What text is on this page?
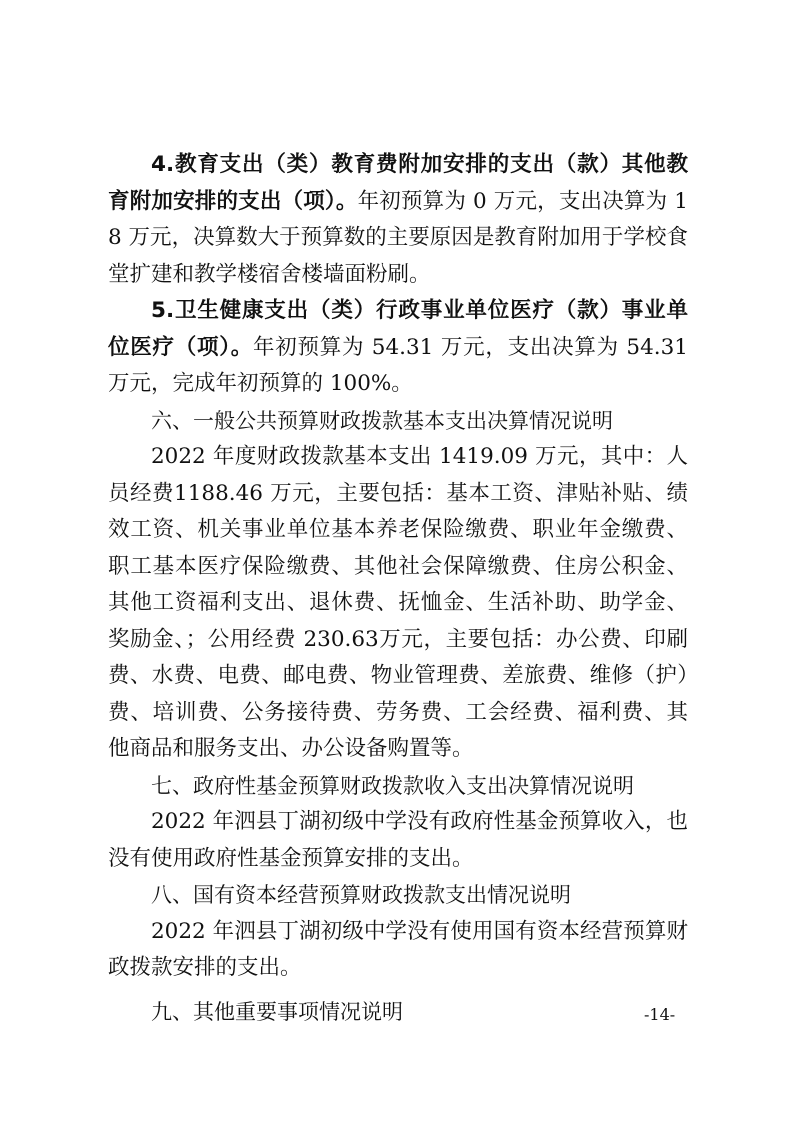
4.教育支出（类）教育费附加安排的支出（款）其他教育附加安排的支出（项）。年初预算为 0 万元，支出决算为 18 万元，决算数大于预算数的主要原因是教育附加用于学校食堂扩建和教学楼宿舍楼墙面粉刷。

5.卫生健康支出（类）行政事业单位医疗（款）事业单位医疗（项）。年初预算为 54.31 万元，支出决算为 54.31 万元，完成年初预算的 100%。

六、一般公共预算财政拨款基本支出决算情况说明

2022 年度财政拨款基本支出 1419.09 万元，其中：人员经费1188.46 万元，主要包括：基本工资、津贴补贴、绩效工资、机关事业单位基本养老保险缴费、职业年金缴费、职工基本医疗保险缴费、其他社会保障缴费、住房公积金、其他工资福利支出、退休费、抚恤金、生活补助、助学金、奖励金、；公用经费 230.63万元，主要包括：办公费、印刷费、水费、电费、邮电费、物业管理费、差旅费、维修（护）费、培训费、公务接待费、劳务费、工会经费、福利费、其他商品和服务支出、办公设备购置等。

七、政府性基金预算财政拨款收入支出决算情况说明

2022 年泗县丁湖初级中学没有政府性基金预算收入，也没有使用政府性基金预算安排的支出。

八、国有资本经营预算财政拨款支出情况说明

2022 年泗县丁湖初级中学没有使用国有资本经营预算财政拨款安排的支出。

九、其他重要事项情况说明	-14-
